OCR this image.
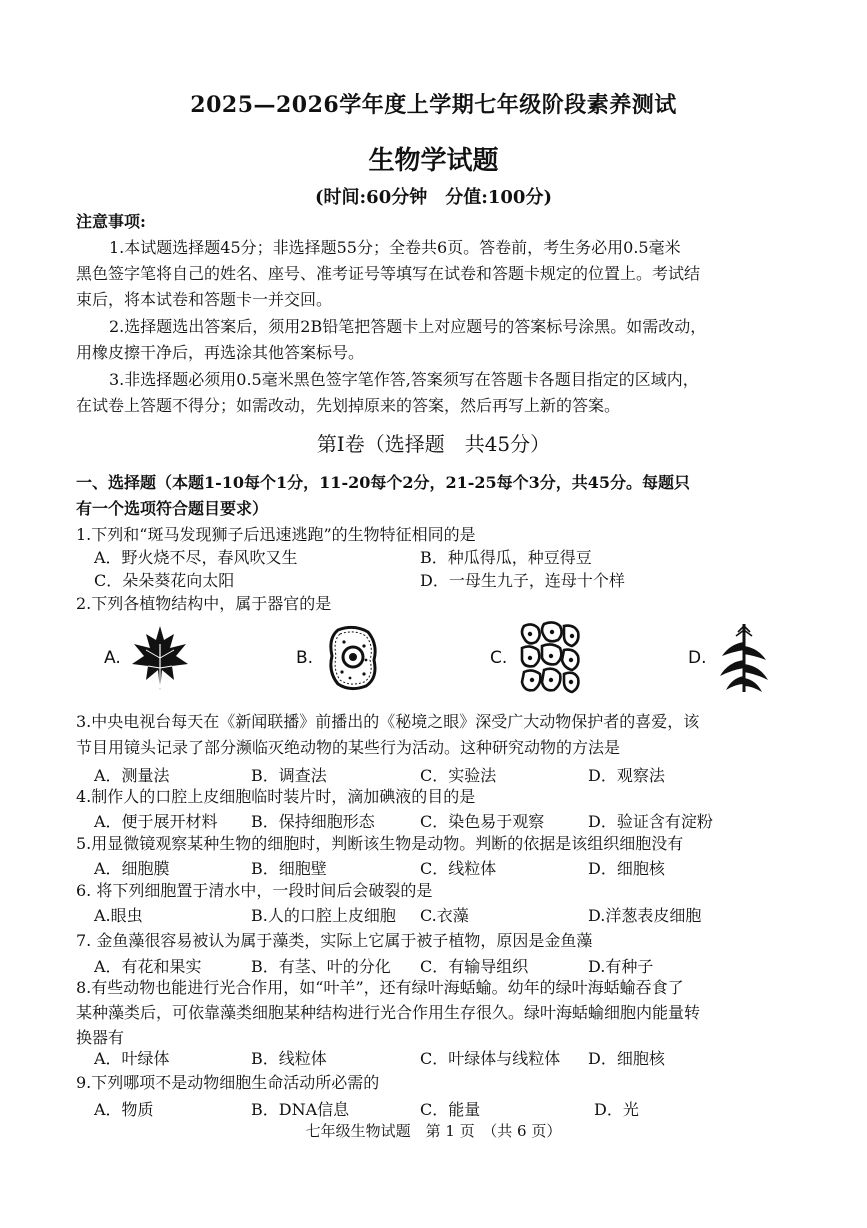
2025—2026学年度上学期七年级阶段素养测试
生物学试题
(时间:60分钟　分值:100分)
注意事项:
1.本试题选择题45分；非选择题55分；全卷共6页。答卷前，考生务必用0.5毫米
黑色签字笔将自己的姓名、座号、准考证号等填写在试卷和答题卡规定的位置上。考试结
束后，将本试卷和答题卡一并交回。
2.选择题选出答案后，须用2B铅笔把答题卡上对应题号的答案标号涂黑。如需改动，
用橡皮擦干净后，再选涂其他答案标号。
3.非选择题必须用0.5毫米黑色签字笔作答,答案须写在答题卡各题目指定的区域内，
在试卷上答题不得分；如需改动，先划掉原来的答案，然后再写上新的答案。
第Ⅰ卷（选择题　共45分）
一、选择题（本题1-10每个1分，11-20每个2分，21-25每个3分，共45分。每题只
有一个选项符合题目要求）
1.下列和“斑马发现狮子后迅速逃跑”的生物特征相同的是
A．野火烧不尽，春风吹又生	B．种瓜得瓜，种豆得豆
C．朵朵葵花向太阳	D．一母生九子，连母十个样
2.下列各植物结构中，属于器官的是
A.	B.	C.	D.
3.中央电视台每天在《新闻联播》前播出的《秘境之眼》深受广大动物保护者的喜爱，该
节目用镜头记录了部分濒临灭绝动物的某些行为活动。这种研究动物的方法是
A．测量法	B．调查法	C．实验法	D．观察法
4.制作人的口腔上皮细胞临时装片时，滴加碘液的目的是
A．便于展开材料 B．保持细胞形态	C．染色易于观察	D．验证含有淀粉
5.用显微镜观察某种生物的细胞时，判断该生物是动物。判断的依据是该组织细胞没有
A．细胞膜	B．细胞壁	C．线粒体	D．细胞核
6. 将下列细胞置于清水中，一段时间后会破裂的是
A.眼虫	B.人的口腔上皮细胞 C.衣藻	D.洋葱表皮细胞
7. 金鱼藻很容易被认为属于藻类，实际上它属于被子植物，原因是金鱼藻
A．有花和果实	B．有茎、叶的分化 C．有输导组织	D.有种子
8.有些动物也能进行光合作用，如“叶羊”，还有绿叶海蛞蝓。幼年的绿叶海蛞蝓吞食了
某种藻类后，可依靠藻类细胞某种结构进行光合作用生存很久。绿叶海蛞蝓细胞内能量转
换器有
A．叶绿体	B．线粒体	C．叶绿体与线粒体 D．细胞核
9.下列哪项不是动物细胞生命活动所必需的
A．物质	B．DNA信息	C．能量	D．光
七年级生物试题　第 1 页　（共 6 页）
